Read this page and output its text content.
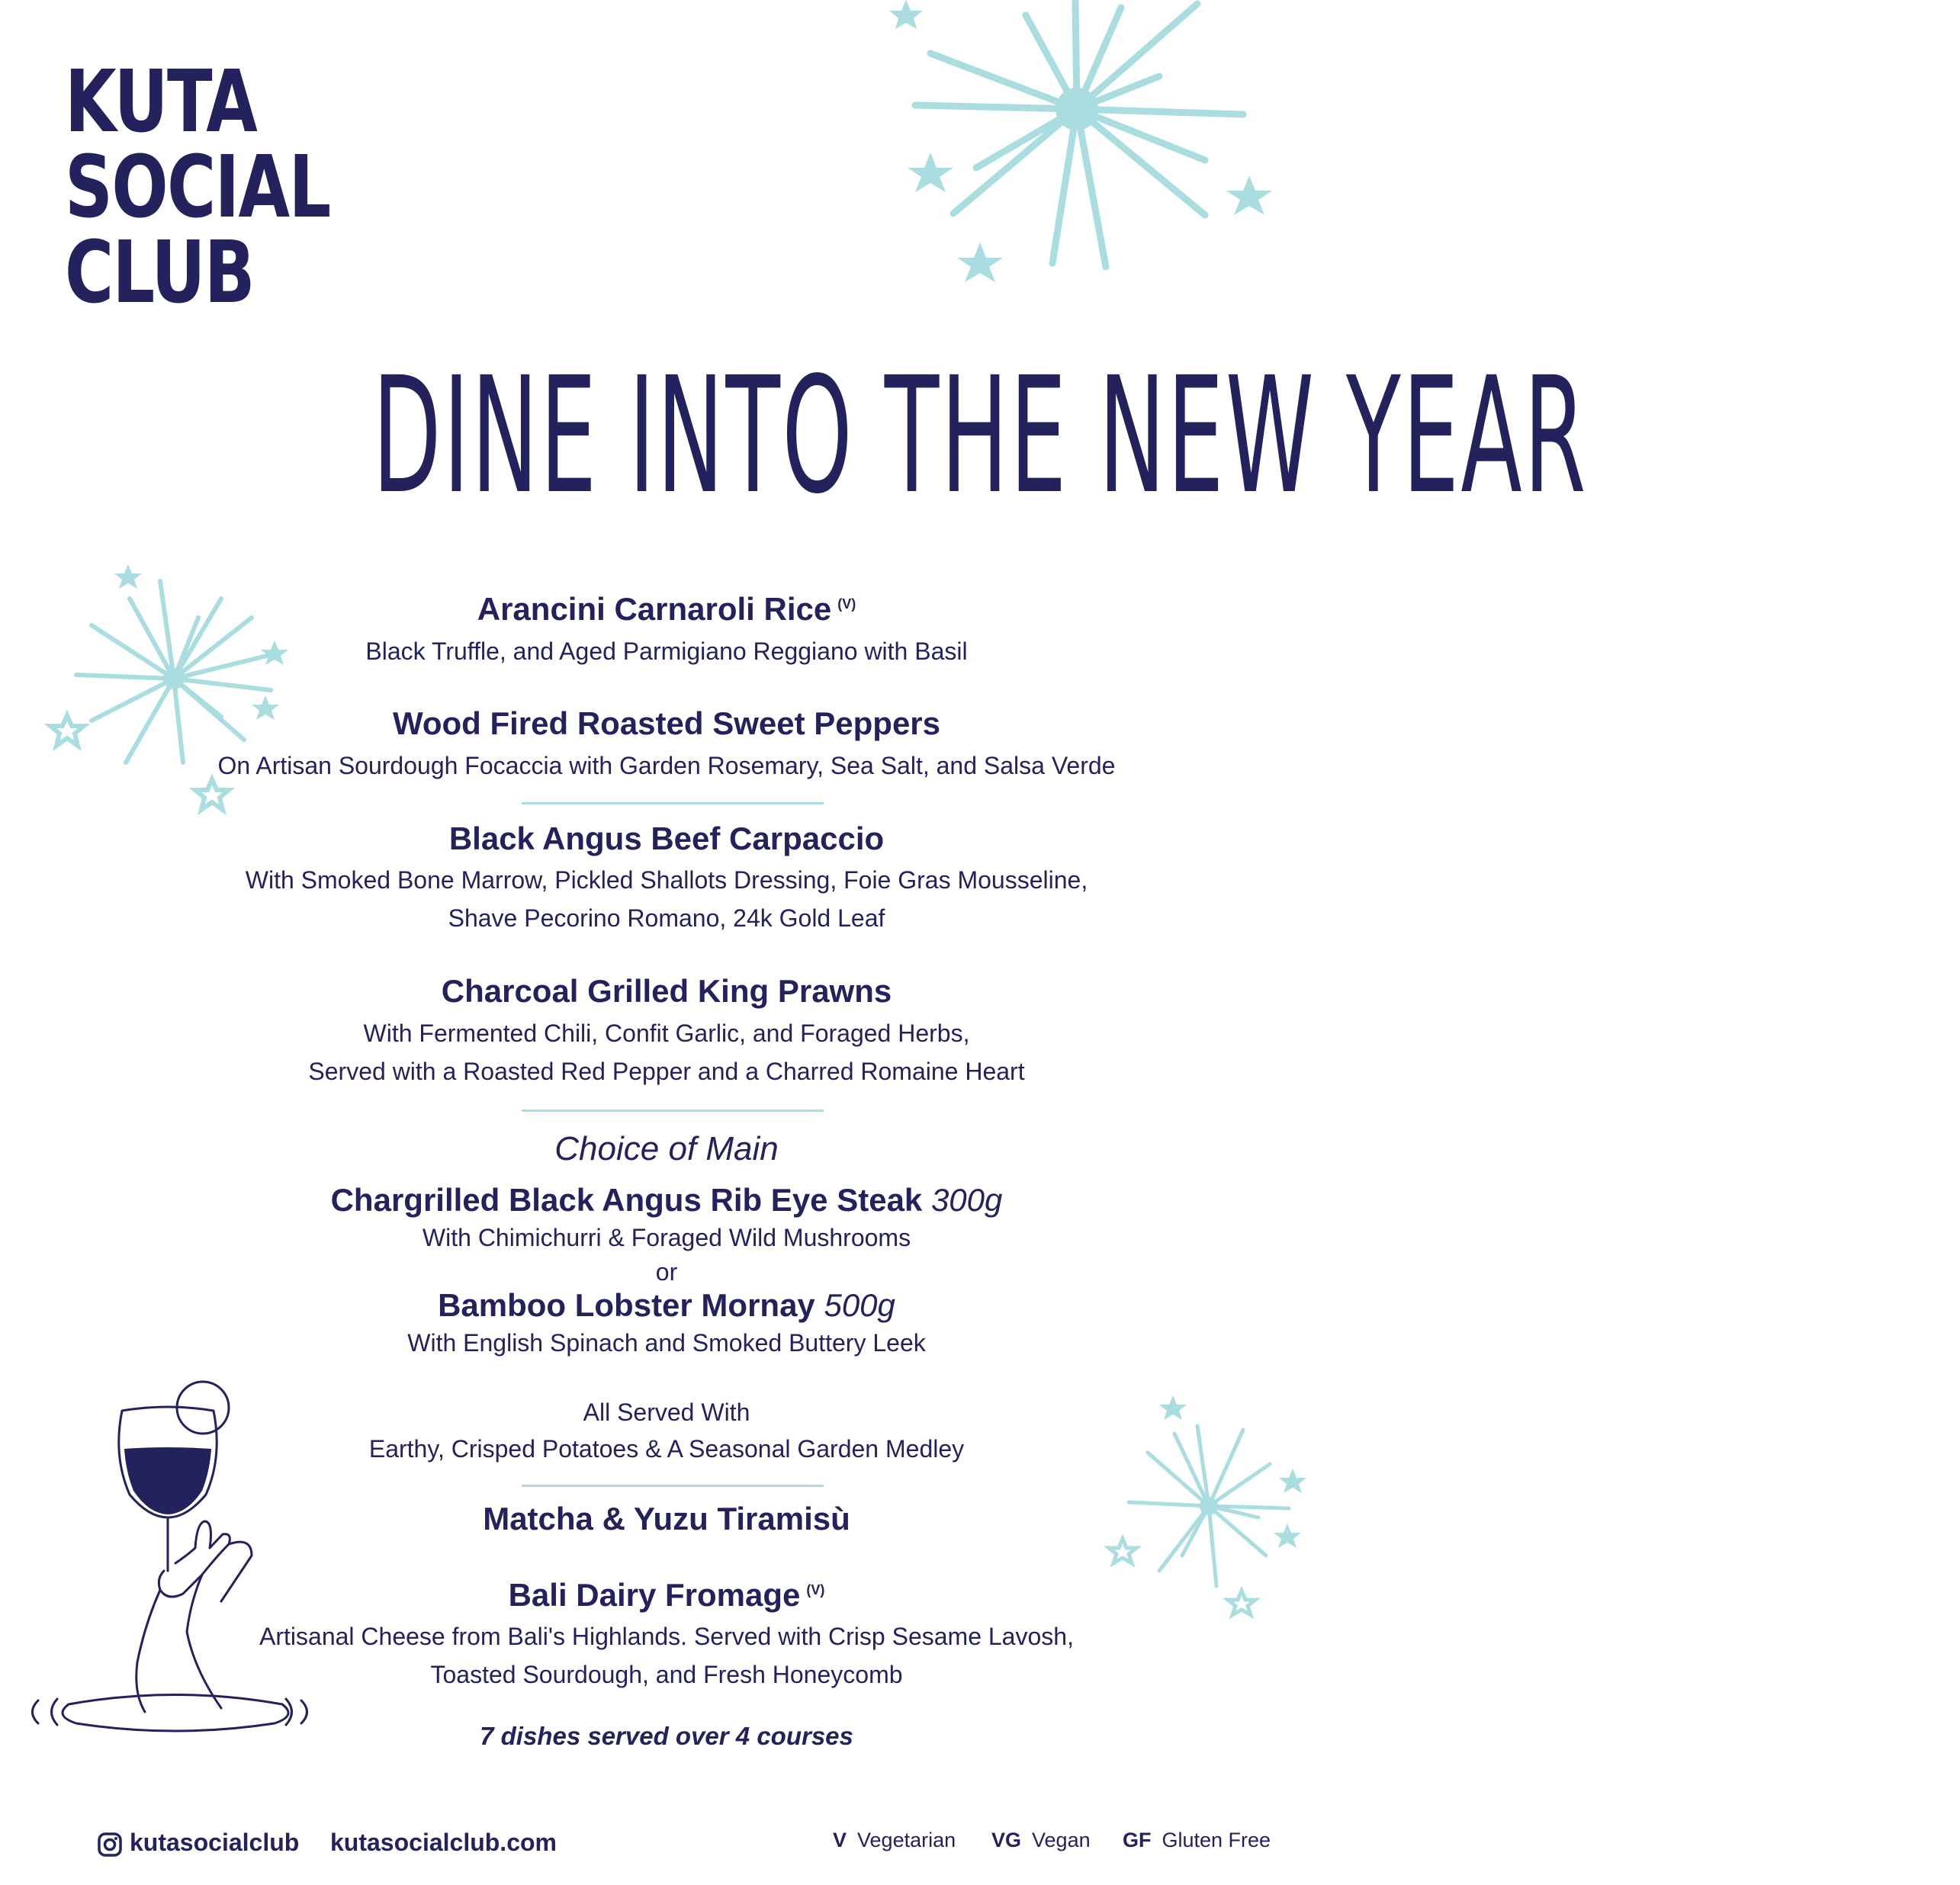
KUTA
SOCIAL
CLUB
DINE INTO THE NEW YEAR
Arancini Carnaroli Rice $^{(V)}$
Black Truffle, and Aged Parmigiano Reggiano with Basil
Wood Fired Roasted Sweet Peppers
On Artisan Sourdough Focaccia with Garden Rosemary, Sea Salt, and Salsa Verde
Black Angus Beef Carpaccio
With Smoked Bone Marrow, Pickled Shallots Dressing, Foie Gras Mousseline,
Shave Pecorino Romano, 24k Gold Leaf
Charcoal Grilled King Prawns
With Fermented Chili, Confit Garlic, and Foraged Herbs,
Served with a Roasted Red Pepper and a Charred Romaine Heart
Choice of Main
Chargrilled Black Angus Rib Eye Steak 300g
With Chimichurri & Foraged Wild Mushrooms
or
Bamboo Lobster Mornay 500g
With English Spinach and Smoked Buttery Leek
All Served With
Earthy, Crisped Potatoes & A Seasonal Garden Medley
Matcha & Yuzu Tiramisù
Bali Dairy Fromage $^{(V)}$
Artisanal Cheese from Bali's Highlands. Served with Crisp Sesame Lavosh,
Toasted Sourdough, and Fresh Honeycomb
7 dishes served over 4 courses
kutasocialclub kutasocialclub.com	V Vegetarian VG Vegan GF Gluten Free
